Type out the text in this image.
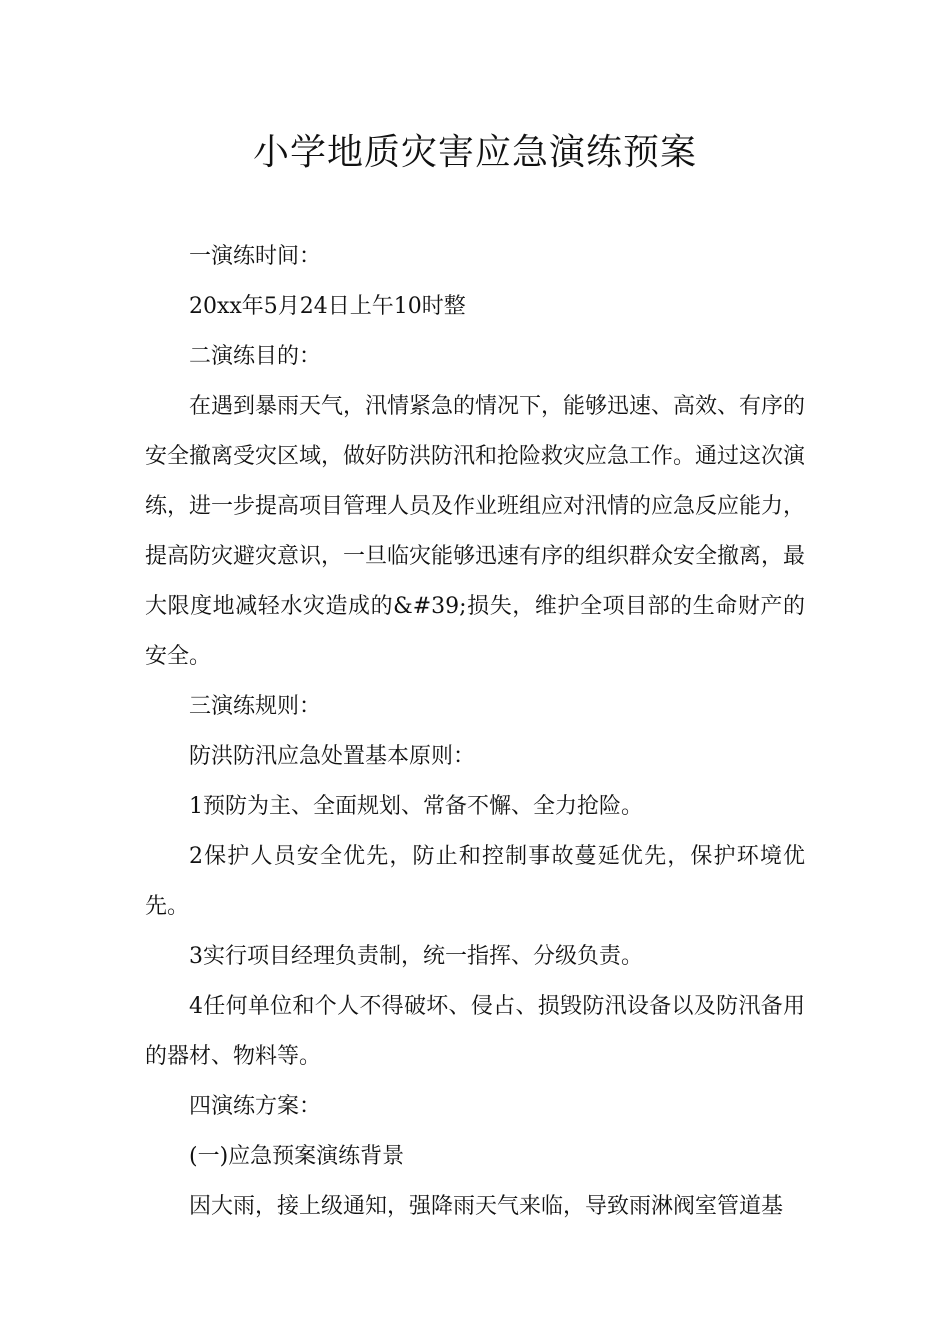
小学地质灾害应急演练预案

一演练时间：

20xx年5月24日上午10时整

二演练目的：

在遇到暴雨天气，汛情紧急的情况下，能够迅速、高效、有序的安全撤离受灾区域，做好防洪防汛和抢险救灾应急工作。通过这次演练，进一步提高项目管理人员及作业班组应对汛情的应急反应能力，提高防灾避灾意识，一旦临灾能够迅速有序的组织群众安全撤离，最大限度地减轻水灾造成的&#39;损失，维护全项目部的生命财产的安全。

三演练规则：

防洪防汛应急处置基本原则：

1预防为主、全面规划、常备不懈、全力抢险。

2保护人员安全优先，防止和控制事故蔓延优先，保护环境优先。

3实行项目经理负责制，统一指挥、分级负责。

4任何单位和个人不得破坏、侵占、损毁防汛设备以及防汛备用的器材、物料等。

四演练方案：

(一)应急预案演练背景

因大雨，接上级通知，强降雨天气来临，导致雨淋阀室管道基
